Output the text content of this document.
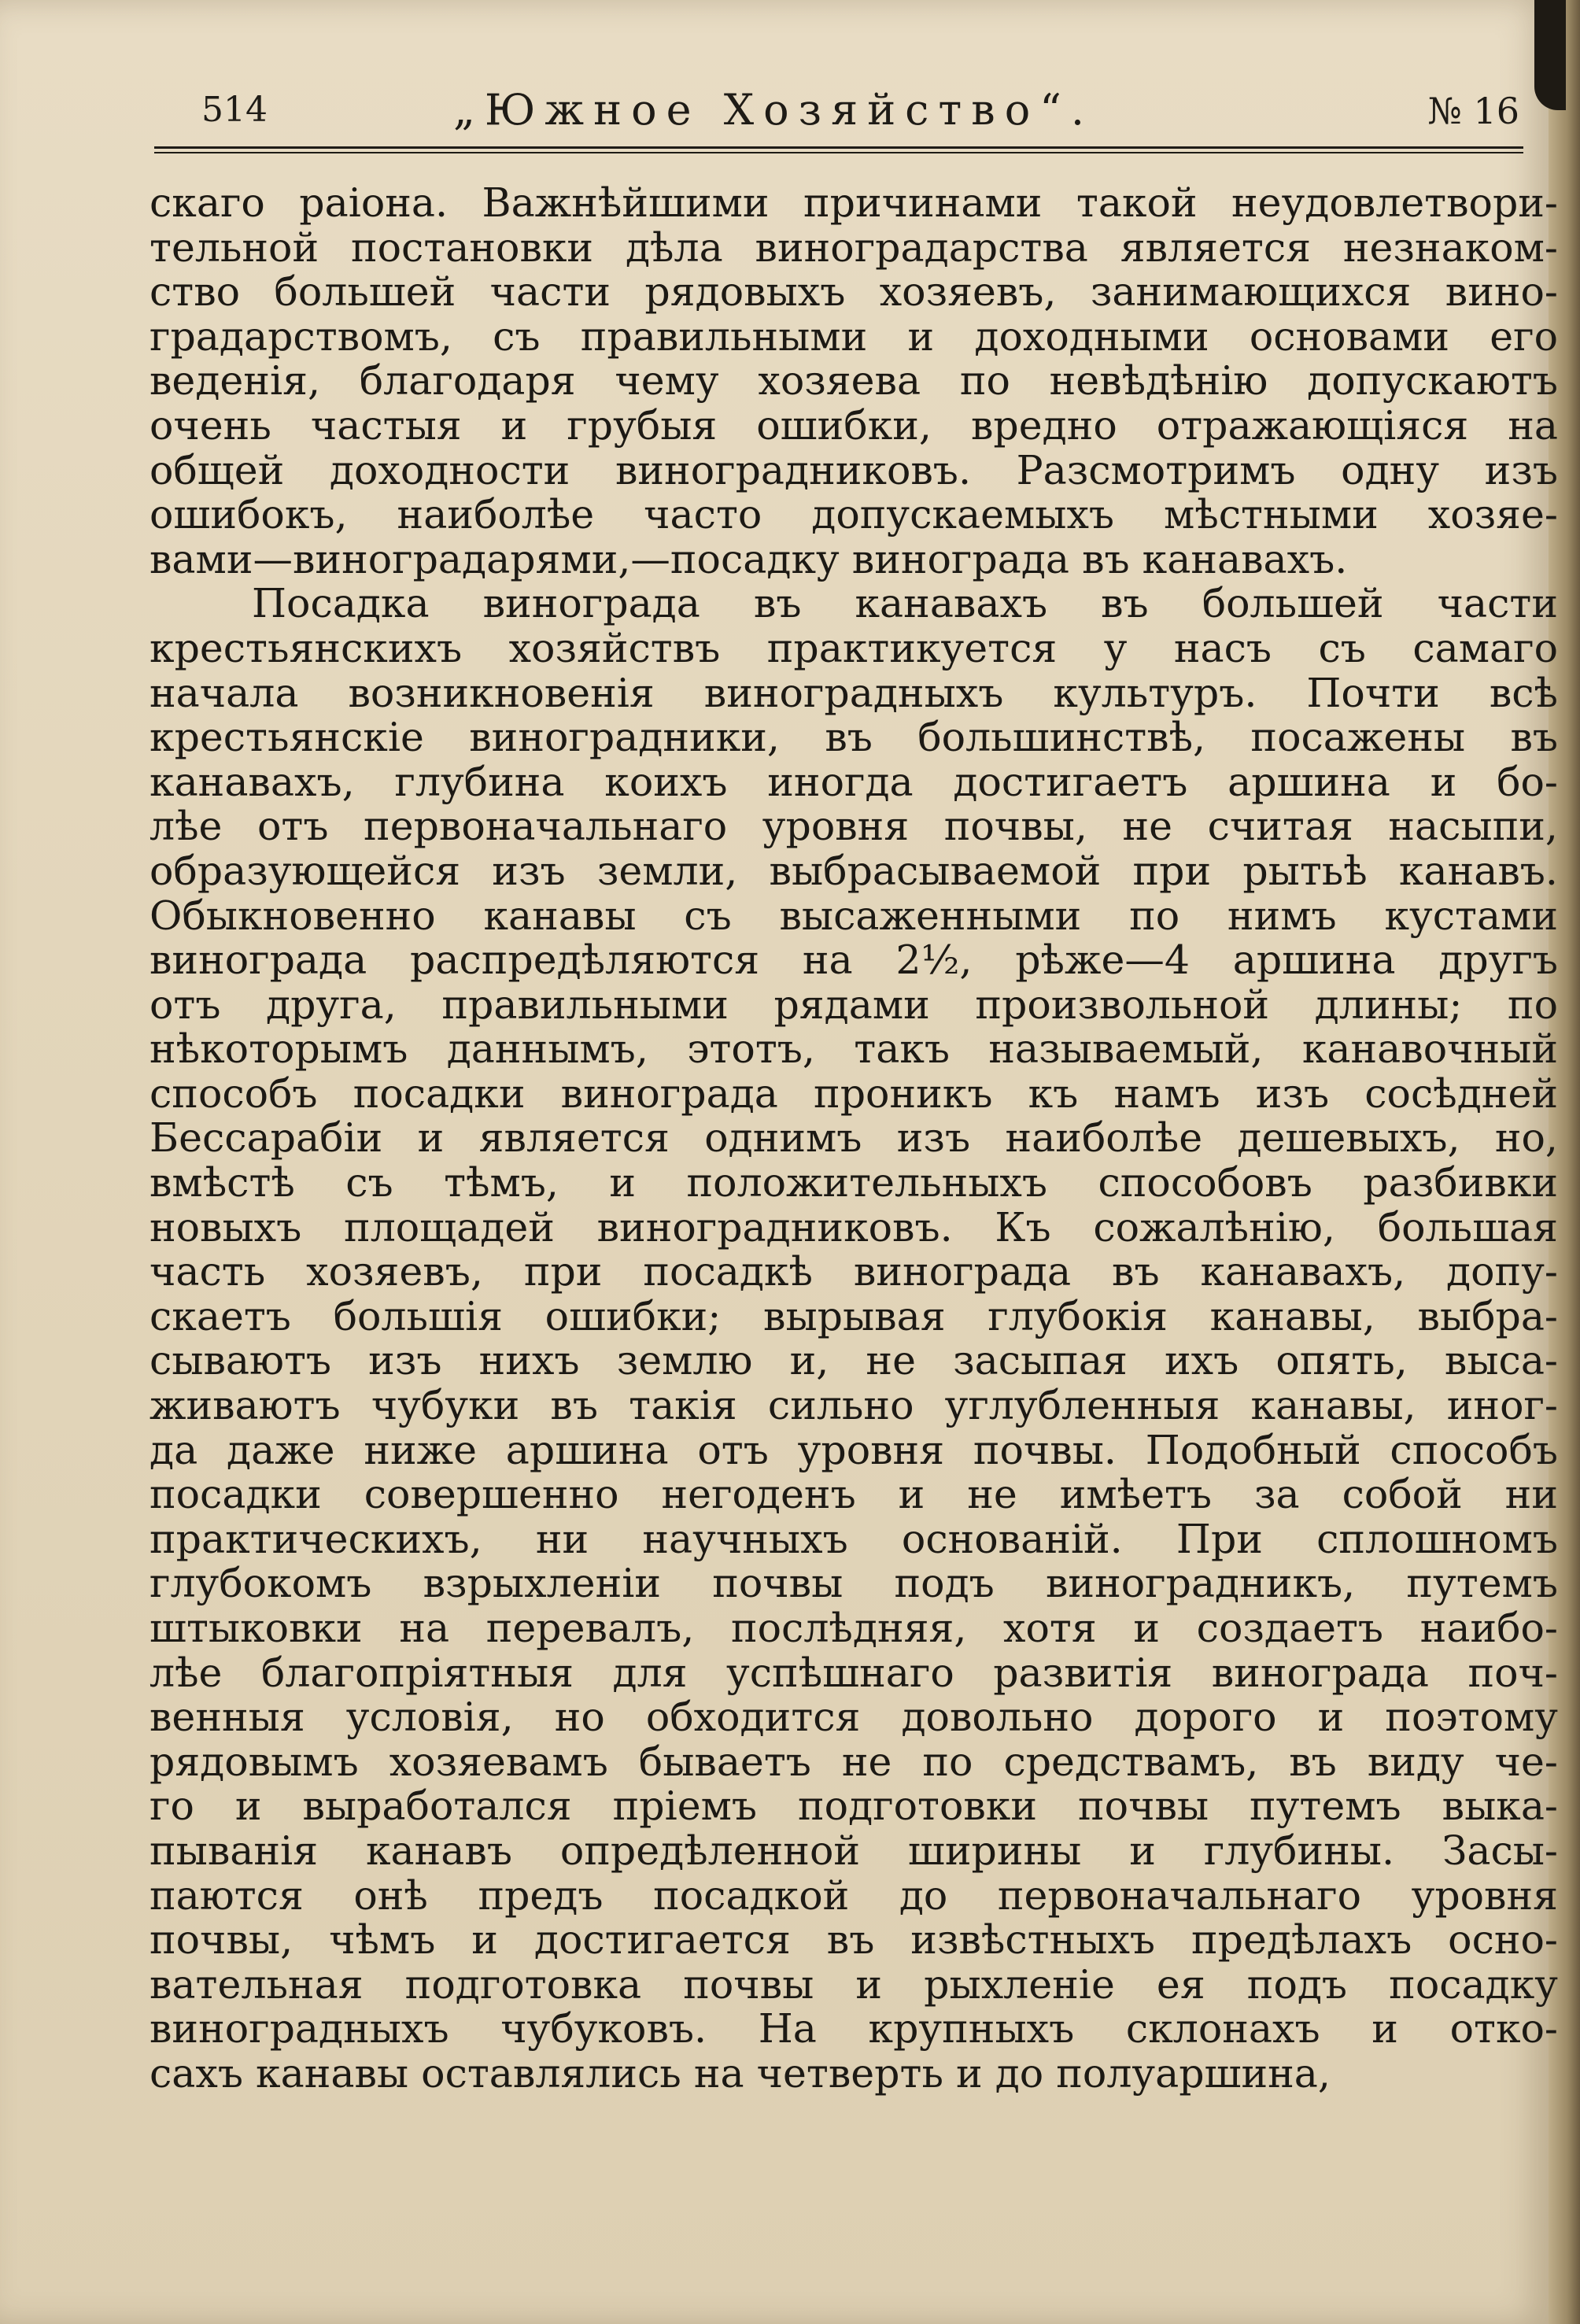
514	„Южное Хозяйство“.	№ 16
скаго раіона. Важнѣйшими причинами такой неудовлетвори-
тельной постановки дѣла виноградарства является незнаком-
ство большей части рядовыхъ хозяевъ, занимающихся вино-
градарствомъ, съ правильными и доходными основами его
веденія, благодаря чему хозяева по невѣдѣнію допускаютъ
очень частыя и грубыя ошибки, вредно отражающіяся на
общей доходности виноградниковъ. Разсмотримъ одну изъ
ошибокъ, наиболѣе часто допускаемыхъ мѣстными хозяе-
вами—виноградарями,—посадку винограда въ канавахъ.
Посадка винограда въ канавахъ въ большей части
крестьянскихъ хозяйствъ практикуется у насъ съ самаго
начала возникновенія виноградныхъ культуръ. Почти всѣ
крестьянскіе виноградники, въ большинствѣ, посажены въ
канавахъ, глубина коихъ иногда достигаетъ аршина и бо-
лѣе отъ первоначальнаго уровня почвы, не считая насыпи,
образующейся изъ земли, выбрасываемой при рытьѣ канавъ.
Обыкновенно канавы съ высаженными по нимъ кустами
винограда распредѣляются на 2½, рѣже—4 аршина другъ
отъ друга, правильными рядами произвольной длины; по
нѣкоторымъ даннымъ, этотъ, такъ называемый, канавочный
способъ посадки винограда проникъ къ намъ изъ сосѣдней
Бессарабіи и является однимъ изъ наиболѣе дешевыхъ, но,
вмѣстѣ съ тѣмъ, и положительныхъ способовъ разбивки
новыхъ площадей виноградниковъ. Къ сожалѣнію, большая
часть хозяевъ, при посадкѣ винограда въ канавахъ, допу-
скаетъ большія ошибки; вырывая глубокія канавы, выбра-
сываютъ изъ нихъ землю и, не засыпая ихъ опять, выса-
живаютъ чубуки въ такія сильно углубленныя канавы, иног-
да даже ниже аршина отъ уровня почвы. Подобный способъ
посадки совершенно негоденъ и не имѣетъ за собой ни
практическихъ, ни научныхъ основаній. При сплошномъ
глубокомъ взрыхленіи почвы подъ виноградникъ, путемъ
штыковки на перевалъ, послѣдняя, хотя и создаетъ наибо-
лѣе благопріятныя для успѣшнаго развитія винограда поч-
венныя условія, но обходится довольно дорого и поэтому
рядовымъ хозяевамъ бываетъ не по средствамъ, въ виду че-
го и выработался пріемъ подготовки почвы путемъ выка-
пыванія канавъ опредѣленной ширины и глубины. Засы-
паются онѣ предъ посадкой до первоначальнаго уровня
почвы, чѣмъ и достигается въ извѣстныхъ предѣлахъ осно-
вательная подготовка почвы и рыхленіе ея подъ посадку
виноградныхъ чубуковъ. На крупныхъ склонахъ и отко-
сахъ канавы оставлялись на четверть и до полуаршина,
